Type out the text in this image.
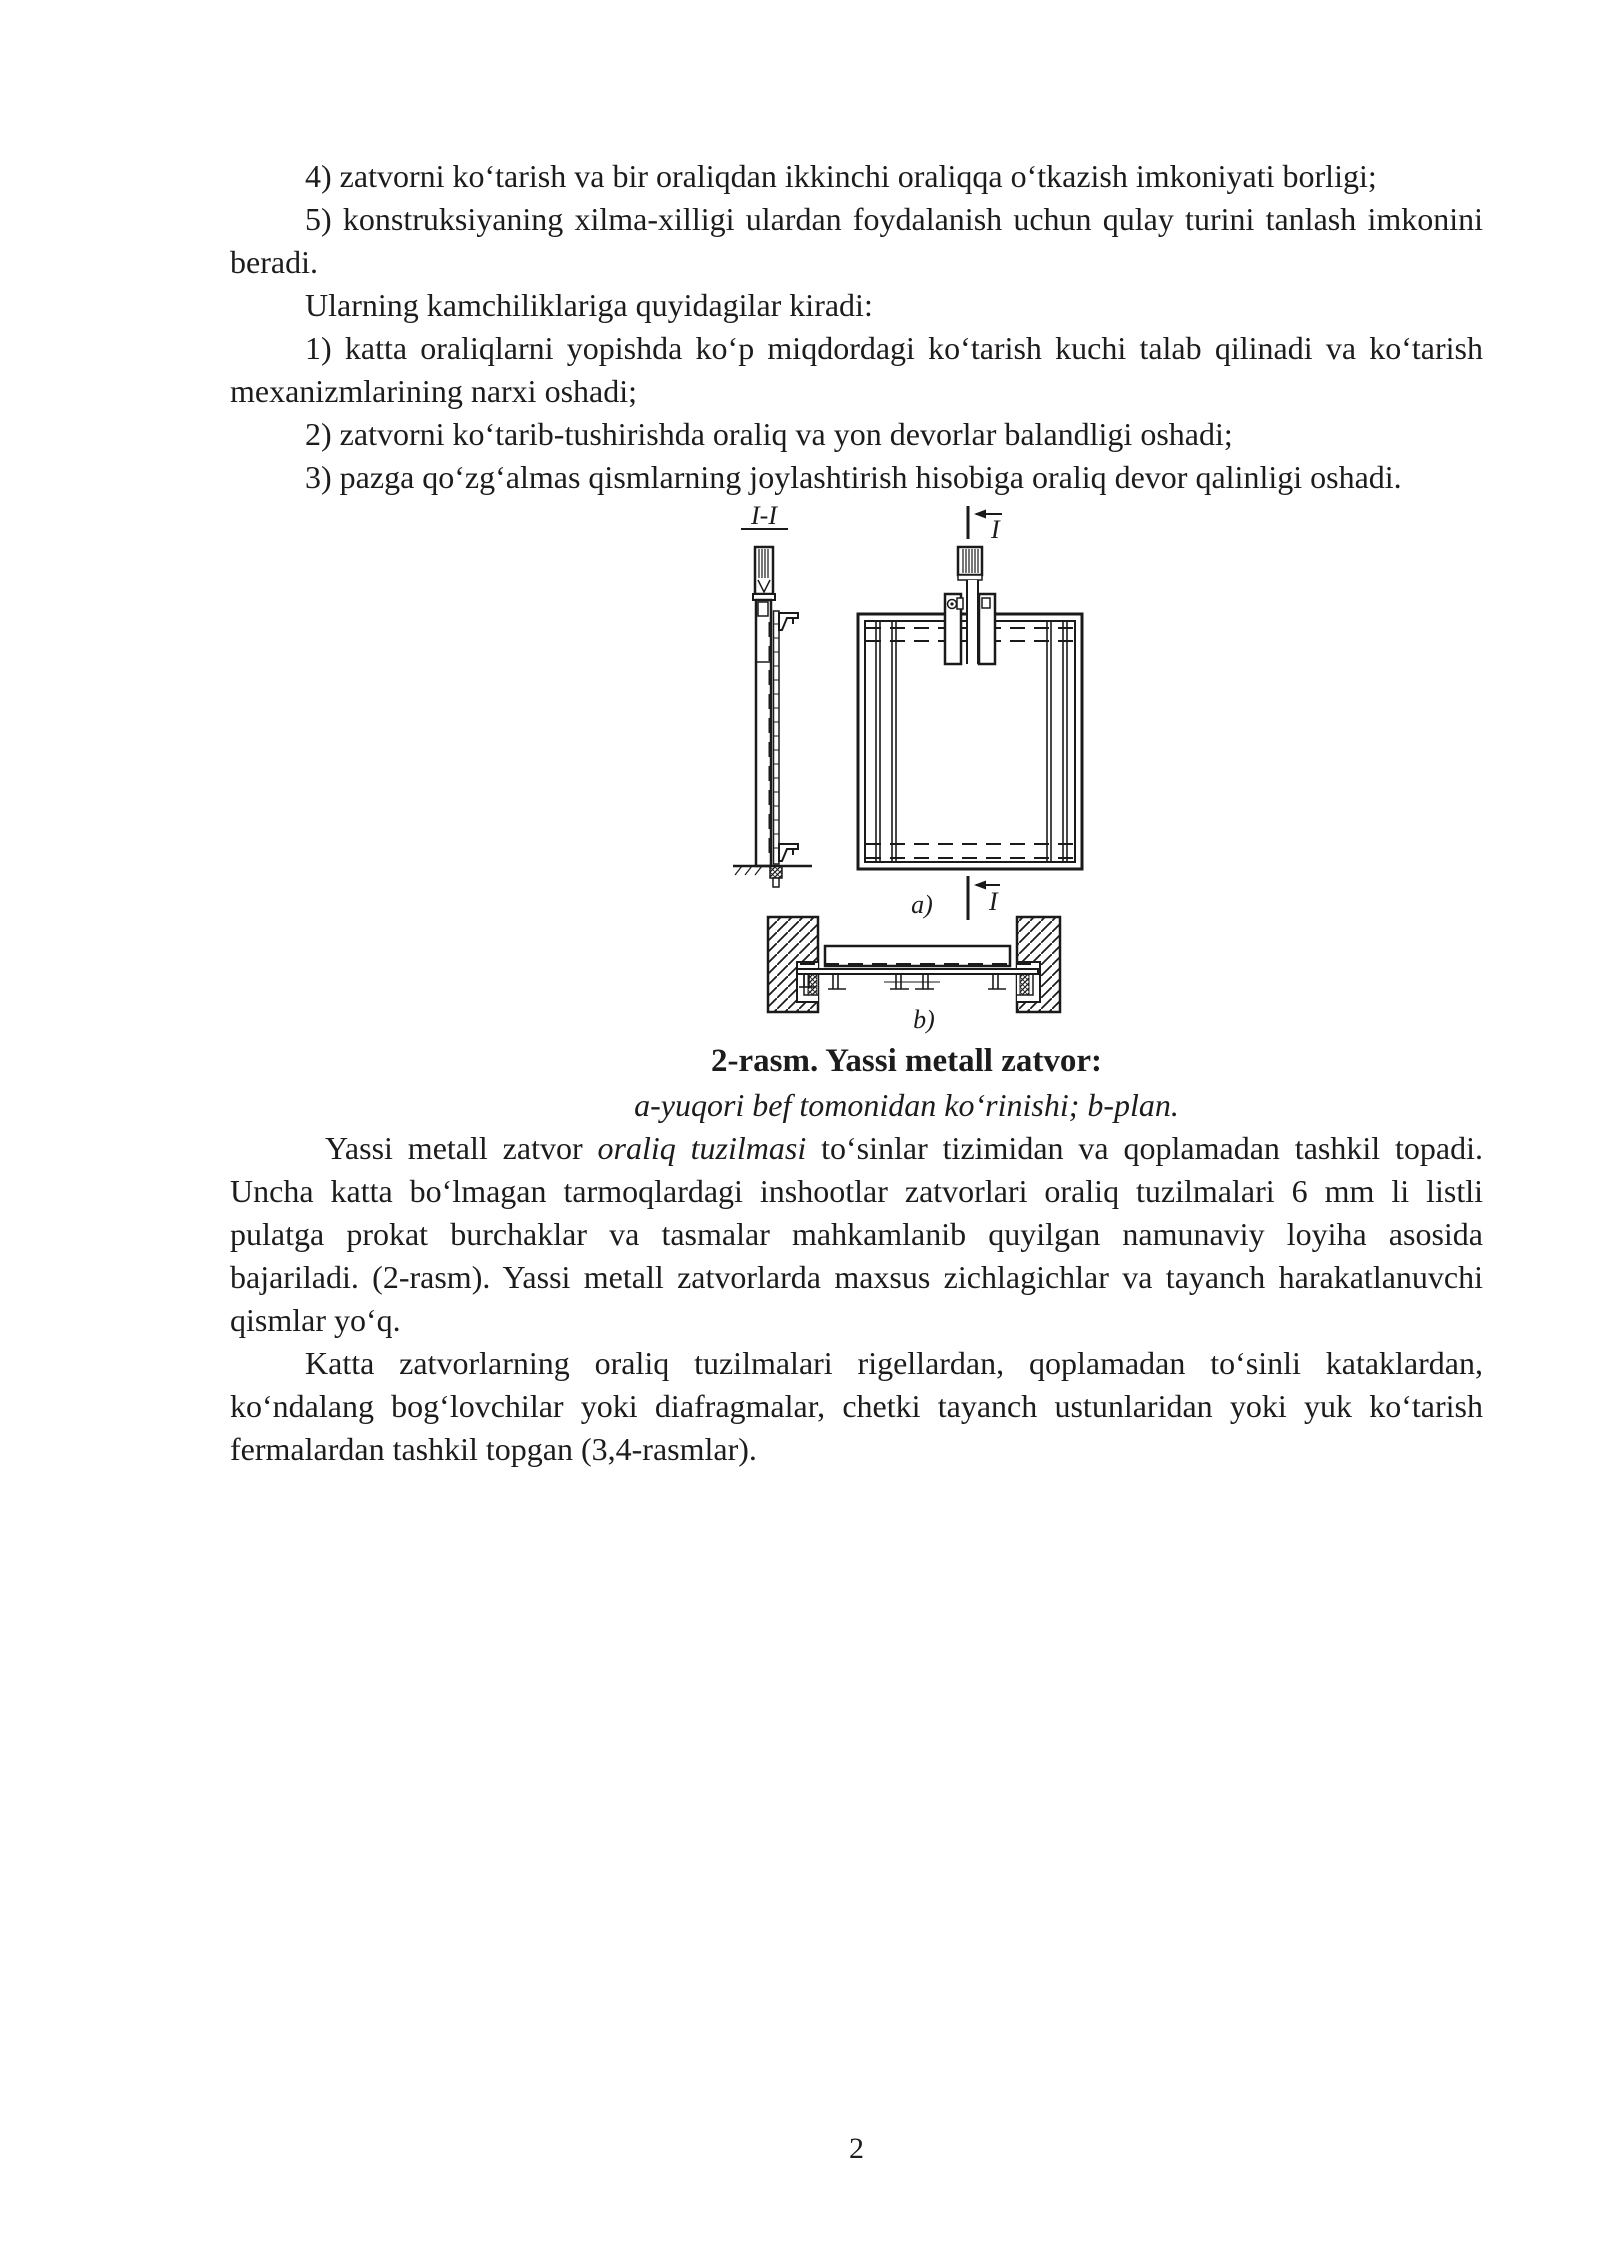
4) zatvorni koʻtarish va bir oraliqdan ikkinchi oraliqqa oʻtkazish imkoniyati borligi;

5) konstruksiyaning xilma-xilligi ulardan foydalanish uchun qulay turini tanlash imkonini beradi.

Ularning kamchiliklariga quyidagilar kiradi:

1) katta oraliqlarni yopishda koʻp miqdordagi koʻtarish kuchi talab qilinadi va koʻtarish mexanizmlarining narxi oshadi;

2) zatvorni koʻtarib-tushirishda oraliq va yon devorlar balandligi oshadi;

3) pazga qoʻzgʻalmas qismlarning joylashtirish hisobiga oraliq devor qalinligi oshadi.

I-I	I
I
a)
b)
2-rasm. Yassi metall zatvor:
a-yuqori bef tomonidan koʻrinishi; b-plan.

Yassi metall zatvor oraliq tuzilmasi toʻsinlar tizimidan va qoplamadan tashkil topadi. Uncha katta boʻlmagan tarmoqlardagi inshootlar zatvorlari oraliq tuzilmalari 6 mm li listli pulatga prokat burchaklar va tasmalar mahkamlanib quyilgan namunaviy loyiha asosida bajariladi. (2-rasm). Yassi metall zatvorlarda maxsus zichlagichlar va tayanch harakatlanuvchi qismlar yoʻq.

Katta zatvorlarning oraliq tuzilmalari rigellardan, qoplamadan toʻsinli kataklardan, koʻndalang bogʻlovchilar yoki diafragmalar, chetki tayanch ustunlaridan yoki yuk koʻtarish fermalardan tashkil topgan (3,4-rasmlar).

2
